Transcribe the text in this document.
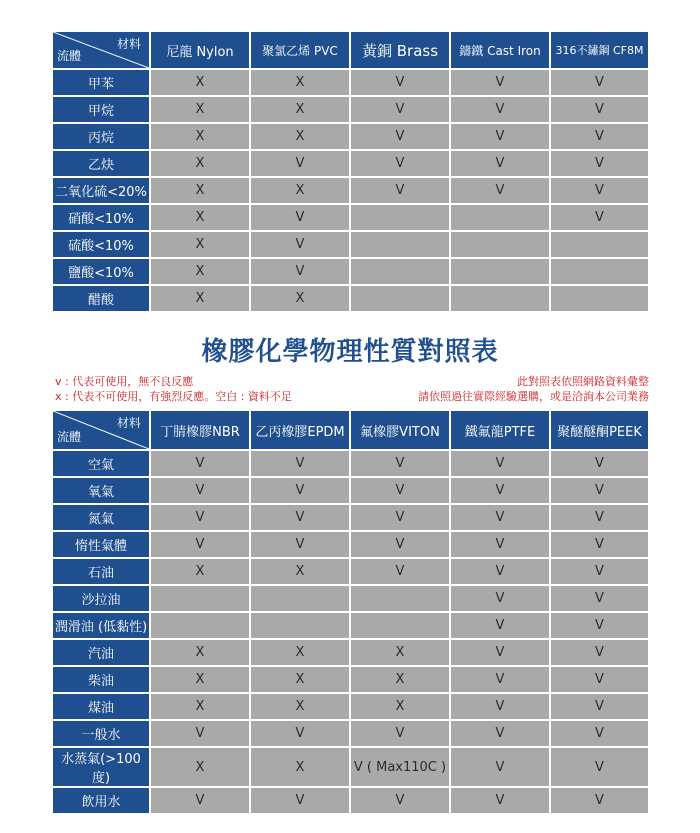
材料
流體	尼龍 Nylon	聚氯乙烯 PVC	黃銅 Brass	鑄鐵 Cast Iron	316不鏽鋼 CF8M
甲苯	X	X	V	V	V
甲烷	X	X	V	V	V
丙烷	X	X	V	V	V
乙炔	X	V	V	V	V
二氧化硫<20%	X	X	V	V	V
硝酸<10%	X	V			V
硫酸<10%	X	V			
鹽酸<10%	X	V			
醋酸	X	X			
橡膠化學物理性質對照表
v : 代表可使用，無不良反應
x : 代表不可使用，有強烈反應。空白 : 資料不足
此對照表依照網路資料彙整
請依照過往實際經驗選購，或是洽詢本公司業務
材料
流體	丁腈橡膠NBR	乙丙橡膠EPDM	氟橡膠VITON	鐵氟龍PTFE	聚醚醚酮PEEK
空氣	V	V	V	V	V
氧氣	V	V	V	V	V
氮氣	V	V	V	V	V
惰性氣體	V	V	V	V	V
石油	X	X	V	V	V
沙拉油				V	V
潤滑油 (低黏性)				V	V
汽油	X	X	X	V	V
柴油	X	X	X	V	V
煤油	X	X	X	V	V
一般水	V	V	V	V	V
水蒸氣(>100度)	X	X	V ( Max110C )	V	V
飲用水	V	V	V	V	V
